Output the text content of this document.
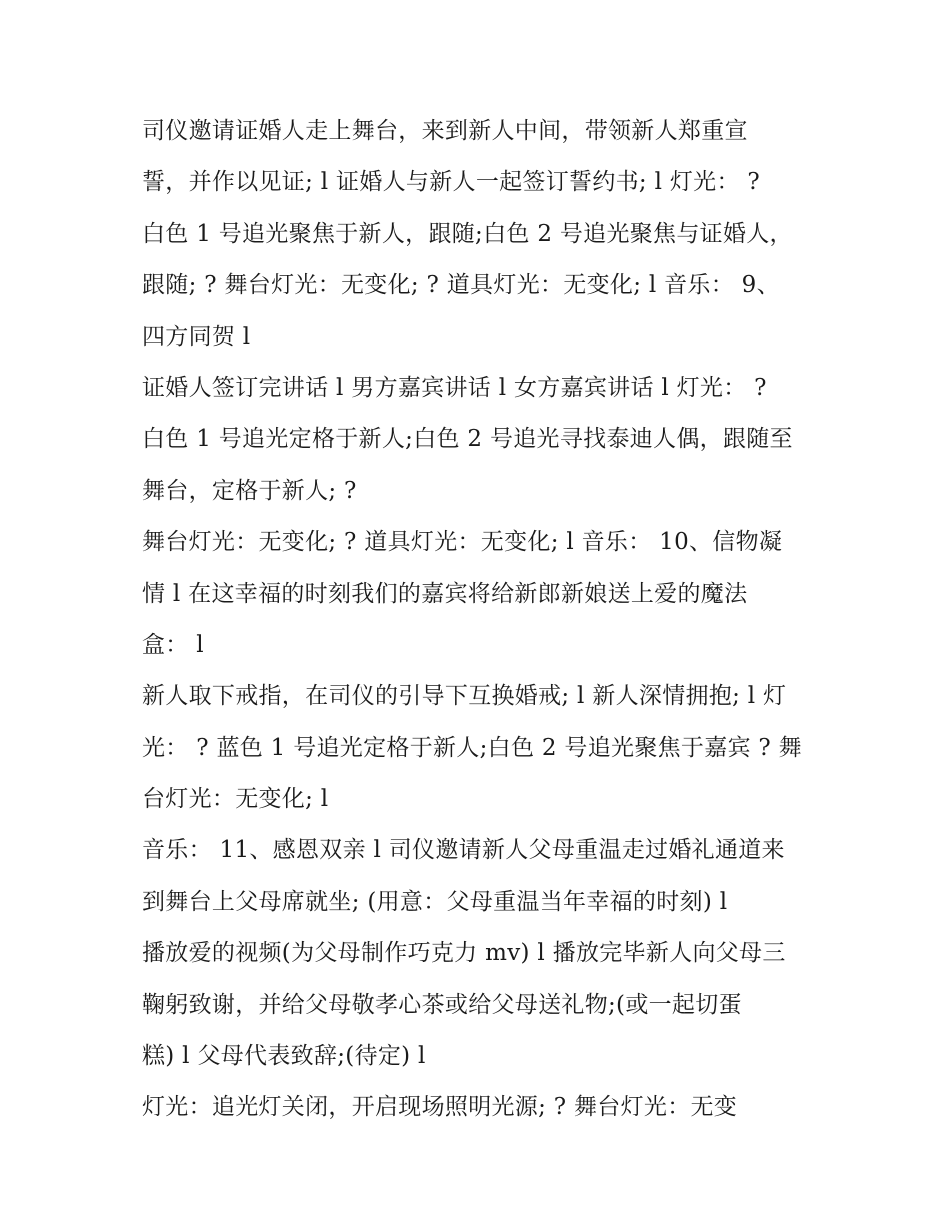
司仪邀请证婚人走上舞台，来到新人中间，带领新人郑重宣
誓，并作以见证; l 证婚人与新人一起签订誓约书; l 灯光： ?
白色 1 号追光聚焦于新人，跟随;白色 2 号追光聚焦与证婚人，
跟随; ? 舞台灯光：无变化; ? 道具灯光：无变化; l 音乐： 9、
四方同贺 l
证婚人签订完讲话 l 男方嘉宾讲话 l 女方嘉宾讲话 l 灯光： ?
白色 1 号追光定格于新人;白色 2 号追光寻找泰迪人偶，跟随至
舞台，定格于新人; ?
舞台灯光：无变化; ? 道具灯光：无变化; l 音乐： 10、信物凝
情 l 在这幸福的时刻我们的嘉宾将给新郎新娘送上爱的魔法
盒： l
新人取下戒指，在司仪的引导下互换婚戒; l 新人深情拥抱; l 灯
光： ? 蓝色 1 号追光定格于新人;白色 2 号追光聚焦于嘉宾 ? 舞
台灯光：无变化; l
音乐： 11、感恩双亲 l 司仪邀请新人父母重温走过婚礼通道来
到舞台上父母席就坐; (用意：父母重温当年幸福的时刻) l
播放爱的视频(为父母制作巧克力 mv) l 播放完毕新人向父母三
鞠躬致谢，并给父母敬孝心茶或给父母送礼物;(或一起切蛋
糕) l 父母代表致辞;(待定) l
灯光：追光灯关闭，开启现场照明光源; ? 舞台灯光：无变
